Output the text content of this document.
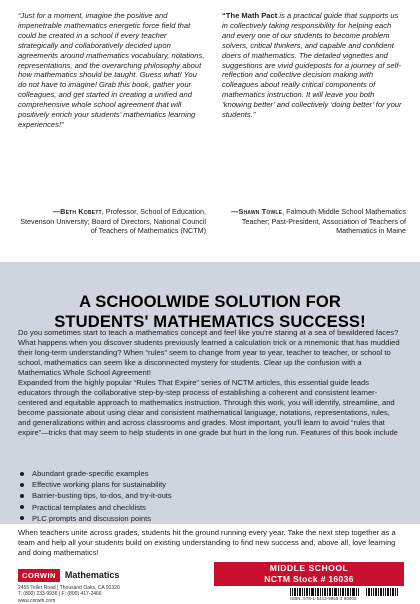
“Just for a moment, imagine the positive and impenetrable mathematics energetic force field that could be created in a school if every teacher strategically and collaboratively decided upon agreements around mathematics vocabulary, notations, representations, and the overarching philosophy about how mathematics should be taught. Guess what! You do not have to imagine! Grab this book, gather your colleagues, and get started in creating a unified and comprehensive whole school agreement that will positively enrich your students’ mathematics learning experiences!”

—Beth Kobett, Professor, School of Education, Stevenson University; Board of Directors, National Council of Teachers of Mathematics (NCTM)

“The Math Pact is a practical guide that supports us in collectively taking responsibility for helping each and every one of our students to become problem solvers, critical thinkers, and capable and confident doers of mathematics. The detailed vignettes and suggestions are vivid guideposts for a journey of self-reflection and collective decision making with colleagues about really critical components of mathematics instruction. It will leave you both ‘knowing better’ and collectively ‘doing better’ for your students.”

—Shawn Towle, Falmouth Middle School Mathematics Teacher; Past-President, Association of Teachers of Mathematics in Maine

A SCHOOLWIDE SOLUTION FOR
STUDENTS' MATHEMATICS SUCCESS!

Do you sometimes start to teach a mathematics concept and feel like you’re staring at a sea of bewildered faces? What happens when you discover students previously learned a calculation trick or a mnemonic that has muddied their long-term understanding? When “rules” seem to change from year to year, teacher to teacher, or school to school, mathematics can seem like a disconnected mystery for students. Clear up the confusion with a Mathematics Whole School Agreement!

Expanded from the highly popular “Rules That Expire” series of NCTM articles, this essential guide leads educators through the collaborative step-by-step process of establishing a coherent and consistent learner-centered and equitable approach to mathematics instruction. Through this work, you will identify, streamline, and become passionate about using clear and consistent mathematical language, notations, representations, rules, and generalizations within and across classrooms and grades. Most important, you’ll learn to avoid “rules that expire”—tricks that may seem to help students in one grade but hurt in the long run. Features of this book include

Abundant grade-specific examples
Effective working plans for sustainability
Barrier-busting tips, to-dos, and try-it-outs
Practical templates and checklists
PLC prompts and discussion points

When teachers unite across grades, students hit the ground running every year. Take the next step together as a team and help all your students build on existing understanding to find new success and, above all, love learning and doing mathematics!

CORWIN	Mathematics
2455 Teller Road | Thousand Oaks, CA 91320
T: (800) 233-9936 | F: (800) 417-2466
www.corwin.com
MIDDLE SCHOOL
NCTM Stock # 16036
ISBN: 978-1-5443-9955-3 90000
